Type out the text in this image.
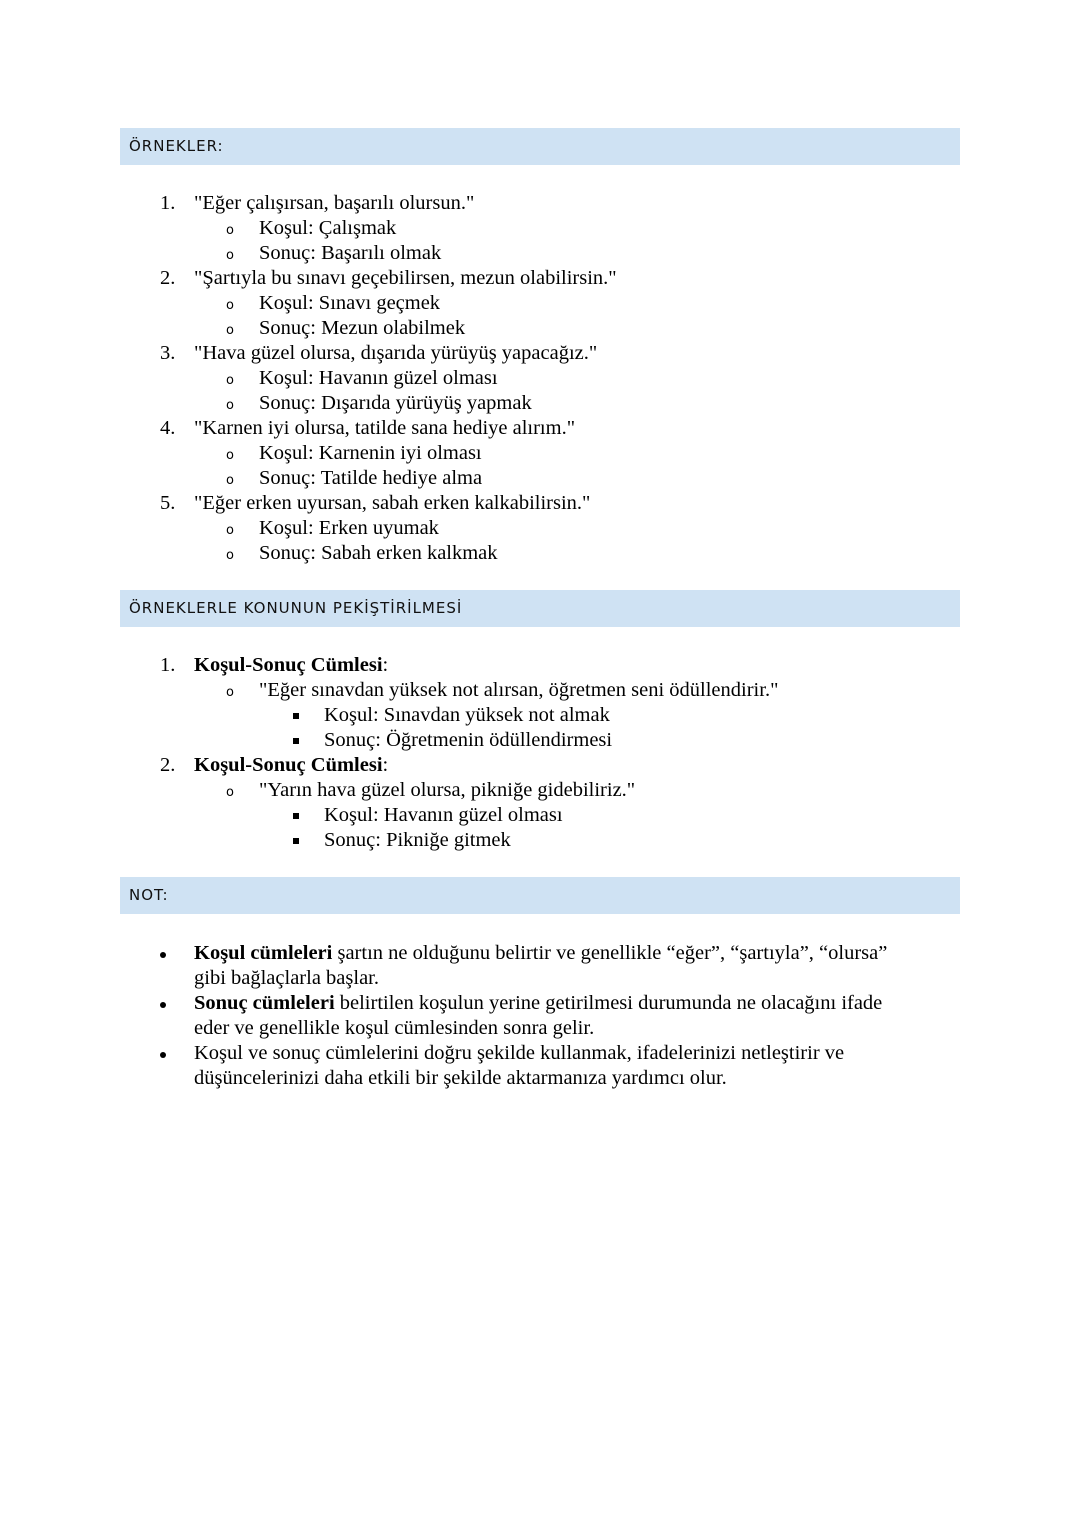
ÖRNEKLER:
1. "Eğer çalışırsan, başarılı olursun."
o Koşul: Çalışmak
o Sonuç: Başarılı olmak
2. "Şartıyla bu sınavı geçebilirsen, mezun olabilirsin."
o Koşul: Sınavı geçmek
o Sonuç: Mezun olabilmek
3. "Hava güzel olursa, dışarıda yürüyüş yapacağız."
o Koşul: Havanın güzel olması
o Sonuç: Dışarıda yürüyüş yapmak
4. "Karnen iyi olursa, tatilde sana hediye alırım."
o Koşul: Karnenin iyi olması
o Sonuç: Tatilde hediye alma
5. "Eğer erken uyursan, sabah erken kalkabilirsin."
o Koşul: Erken uyumak
o Sonuç: Sabah erken kalkmak
ÖRNEKLERLE KONUNUN PEKİŞTİRİLMESİ
1. Koşul-Sonuç Cümlesi:
o "Eğer sınavdan yüksek not alırsan, öğretmen seni ödüllendirir."
Koşul: Sınavdan yüksek not almak
Sonuç: Öğretmenin ödüllendirmesi
2. Koşul-Sonuç Cümlesi:
o "Yarın hava güzel olursa, pikniğe gidebiliriz."
Koşul: Havanın güzel olması
Sonuç: Pikniğe gitmek
NOT:
Koşul cümleleri şartın ne olduğunu belirtir ve genellikle “eğer”, “şartıyla”, “olursa”
gibi bağlaçlarla başlar.
Sonuç cümleleri belirtilen koşulun yerine getirilmesi durumunda ne olacağını ifade
eder ve genellikle koşul cümlesinden sonra gelir.
Koşul ve sonuç cümlelerini doğru şekilde kullanmak, ifadelerinizi netleştirir ve
düşüncelerinizi daha etkili bir şekilde aktarmanıza yardımcı olur.
